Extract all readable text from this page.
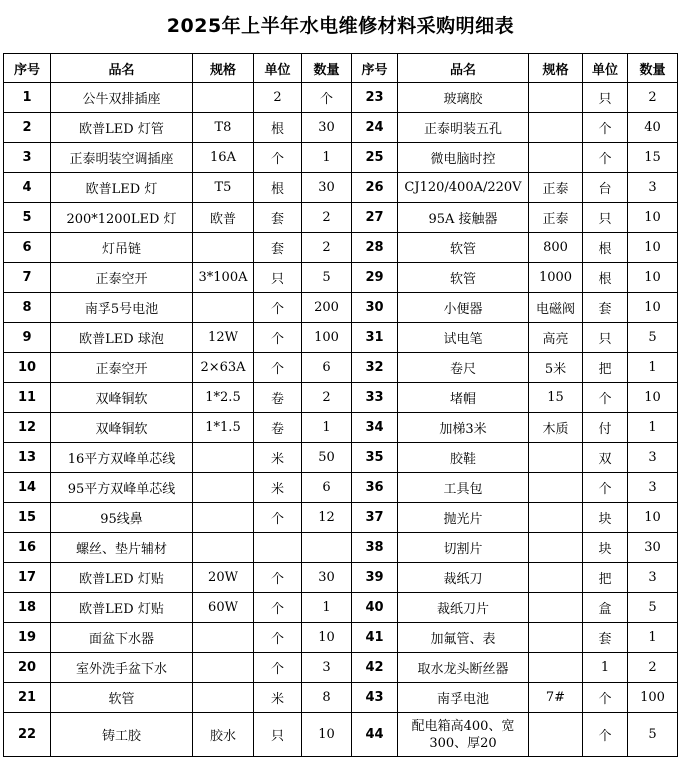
2025年上半年水电维修材料采购明细表
序号	品名	规格	单位	数量	序号	品名	规格	单位	数量
1	公牛双排插座		2	个	23	玻璃胶		只	2
2	欧普LED 灯管	T8	根	30	24	正泰明装五孔		个	40
3	正泰明装空调插座	16A	个	1	25	微电脑时控		个	15
4	欧普LED 灯	T5	根	30	26	CJ120/400A/220V	正泰	台	3
5	200*1200LED 灯	欧普	套	2	27	95A 接触器	正泰	只	10
6	灯吊链		套	2	28	软管	800	根	10
7	正泰空开	3*100A	只	5	29	软管	1000	根	10
8	南孚5号电池		个	200	30	小便器	电磁阀	套	10
9	欧普LED 球泡	12W	个	100	31	试电笔	高亮	只	5
10	正泰空开	2×63A	个	6	32	卷尺	5米	把	1
11	双峰铜软	1*2.5	卷	2	33	堵帽	15	个	10
12	双峰铜软	1*1.5	卷	1	34	加梯3米	木质	付	1
13	16平方双峰单芯线		米	50	35	胶鞋		双	3
14	95平方双峰单芯线		米	6	36	工具包		个	3
15	95线鼻		个	12	37	抛光片		块	10
16	螺丝、垫片辅材				38	切割片		块	30
17	欧普LED 灯贴	20W	个	30	39	裁纸刀		把	3
18	欧普LED 灯贴	60W	个	1	40	裁纸刀片		盒	5
19	面盆下水器		个	10	41	加氟管、表		套	1
20	室外洗手盆下水		个	3	42	取水龙头断丝器		1	2
21	软管		米	8	43	南孚电池	7#	个	100
22	铸工胶	胶水	只	10	44	配电箱高400、宽300、厚20		个	5
